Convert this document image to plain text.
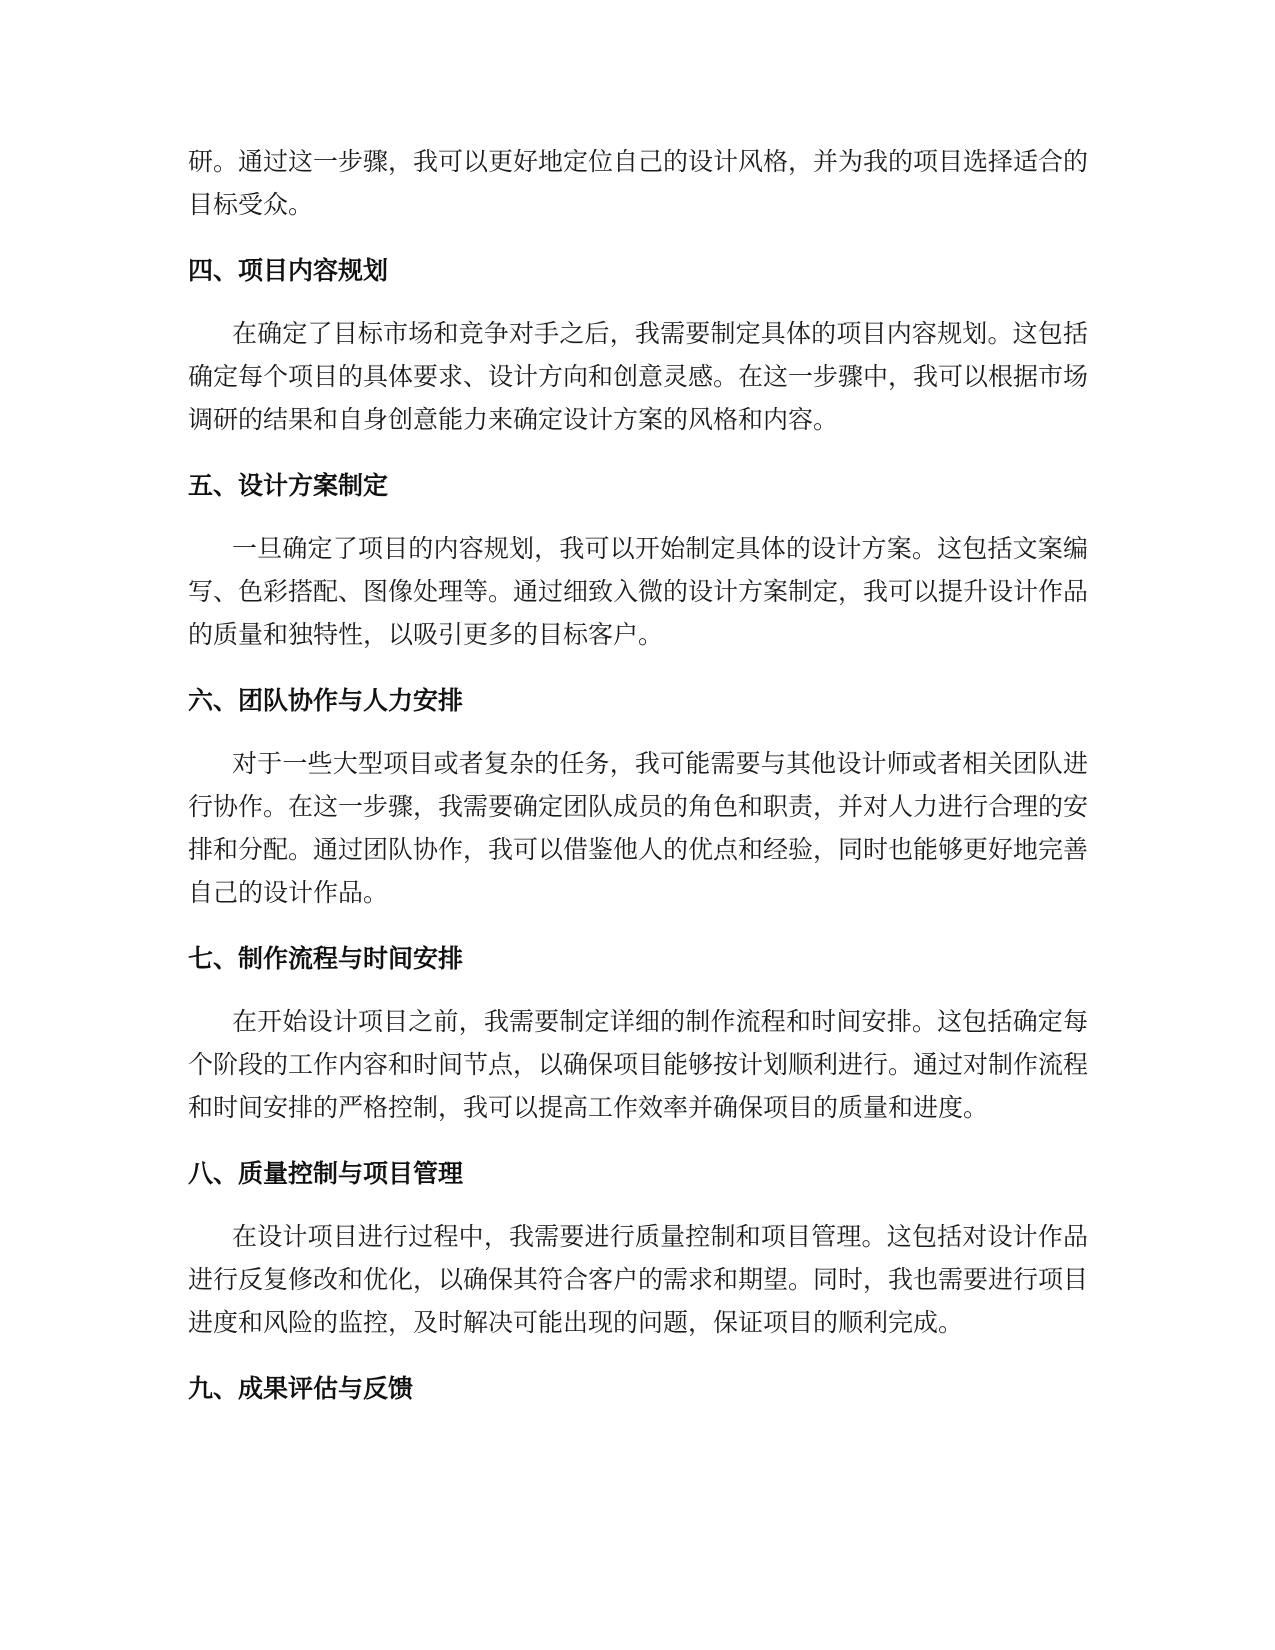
研。通过这一步骤，我可以更好地定位自己的设计风格，并为我的项目选择适合的目标受众。

四、项目内容规划

在确定了目标市场和竞争对手之后，我需要制定具体的项目内容规划。这包括确定每个项目的具体要求、设计方向和创意灵感。在这一步骤中，我可以根据市场调研的结果和自身创意能力来确定设计方案的风格和内容。

五、设计方案制定

一旦确定了项目的内容规划，我可以开始制定具体的设计方案。这包括文案编写、色彩搭配、图像处理等。通过细致入微的设计方案制定，我可以提升设计作品的质量和独特性，以吸引更多的目标客户。

六、团队协作与人力安排

对于一些大型项目或者复杂的任务，我可能需要与其他设计师或者相关团队进行协作。在这一步骤，我需要确定团队成员的角色和职责，并对人力进行合理的安排和分配。通过团队协作，我可以借鉴他人的优点和经验，同时也能够更好地完善自己的设计作品。

七、制作流程与时间安排

在开始设计项目之前，我需要制定详细的制作流程和时间安排。这包括确定每个阶段的工作内容和时间节点，以确保项目能够按计划顺利进行。通过对制作流程和时间安排的严格控制，我可以提高工作效率并确保项目的质量和进度。

八、质量控制与项目管理

在设计项目进行过程中，我需要进行质量控制和项目管理。这包括对设计作品进行反复修改和优化，以确保其符合客户的需求和期望。同时，我也需要进行项目进度和风险的监控，及时解决可能出现的问题，保证项目的顺利完成。

九、成果评估与反馈
